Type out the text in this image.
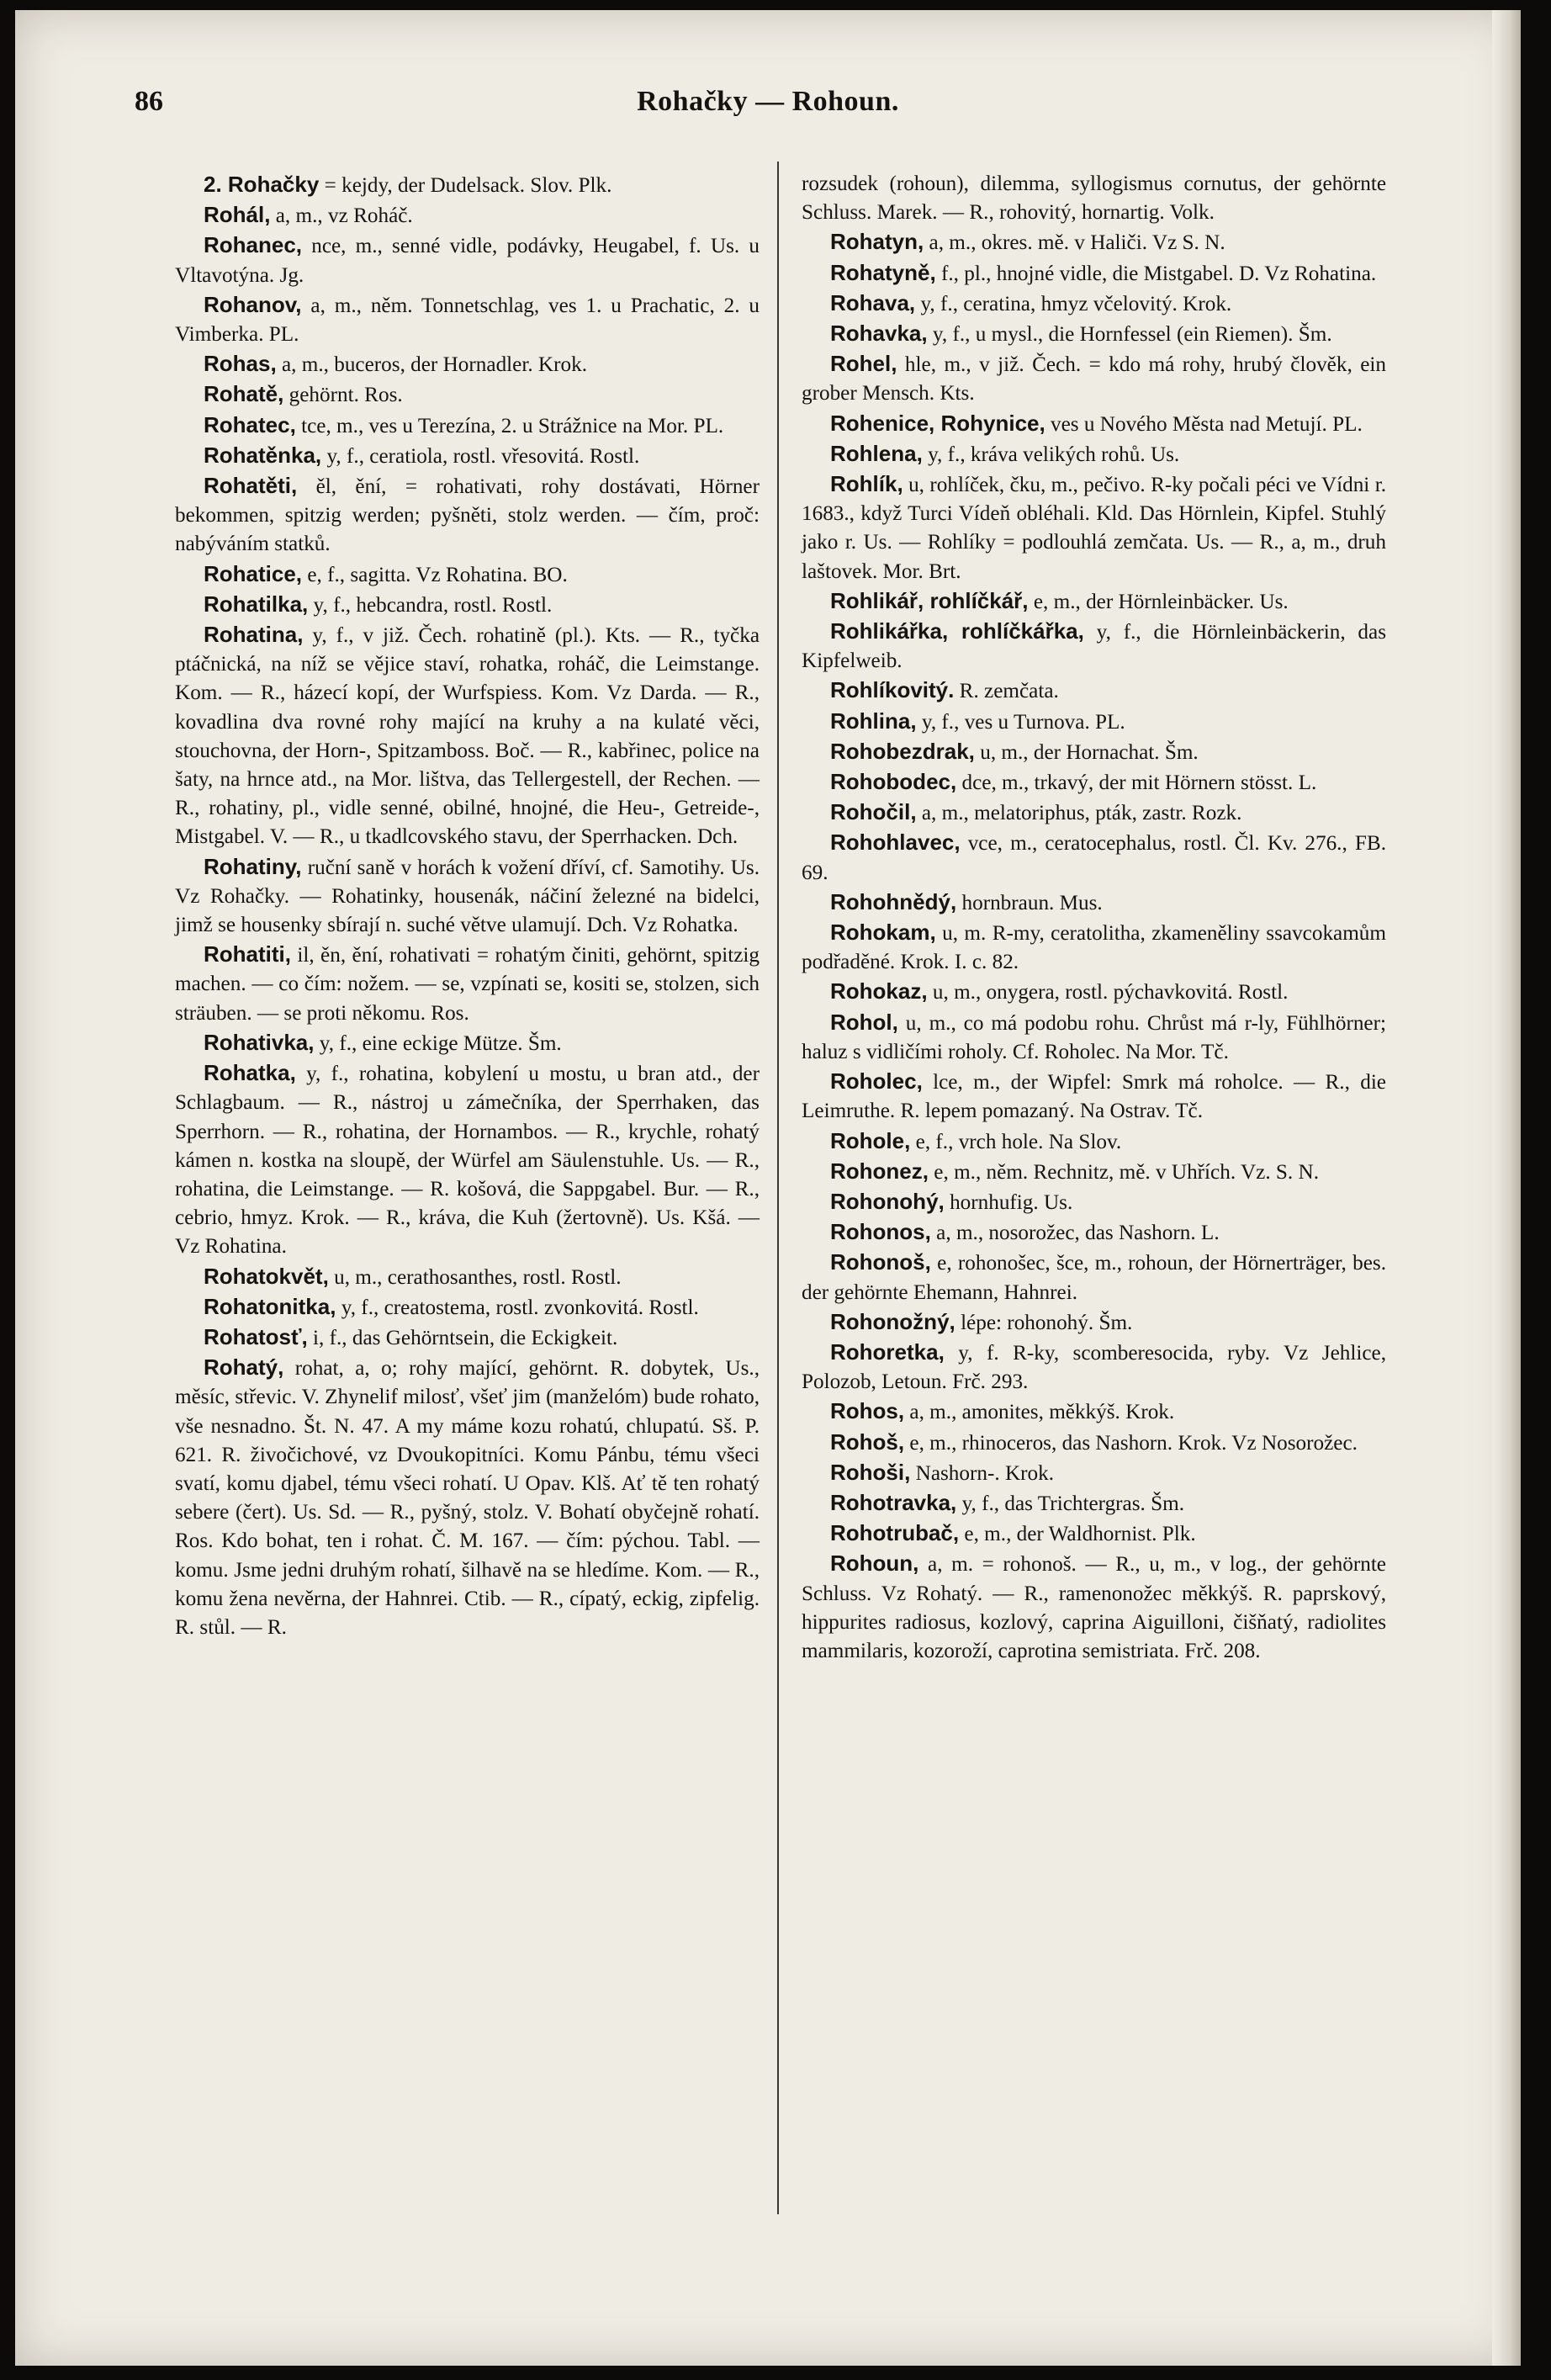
86	Rohačky — Rohoun.

2. Rohačky = kejdy, der Dudelsack. Slov. Plk.

Rohál, a, m., vz Roháč.

Rohanec, nce, m., senné vidle, podávky, Heugabel, f. Us. u Vltavotýna. Jg.

Rohanov, a, m., něm. Tonnetschlag, ves 1. u Prachatic, 2. u Vimberka. PL.

Rohas, a, m., buceros, der Hornadler. Krok.

Rohatě, gehörnt. Ros.

Rohatec, tce, m., ves u Terezína, 2. u Strážnice na Mor. PL.

Rohatěnka, y, f., ceratiola, rostl. vřesovitá. Rostl.

Rohatěti, ěl, ění, = rohativati, rohy dostávati, Hörner bekommen, spitzig werden; pyšněti, stolz werden. — čím, proč: nabýváním statků.

Rohatice, e, f., sagitta. Vz Rohatina. BO.

Rohatilka, y, f., hebcandra, rostl. Rostl.

Rohatina, y, f., v již. Čech. rohatině (pl.). Kts. — R., tyčka ptáčnická, na níž se vějice staví, rohatka, roháč, die Leimstange. Kom. — R., házecí kopí, der Wurfspiess. Kom. Vz Darda. — R., kovadlina dva rovné rohy mající na kruhy a na kulaté věci, stouchovna, der Horn-, Spitzamboss. Boč. — R., kabřinec, police na šaty, na hrnce atd., na Mor. lištva, das Tellergestell, der Rechen. — R., rohatiny, pl., vidle senné, obilné, hnojné, die Heu-, Getreide-, Mistgabel. V. — R., u tkadlcovského stavu, der Sperrhacken. Dch.

Rohatiny, ruční saně v horách k vožení dříví, cf. Samotihy. Us. Vz Rohačky. — Rohatinky, housenák, náčiní železné na bidelci, jimž se housenky sbírají n. suché větve ulamují. Dch. Vz Rohatka.

Rohatiti, il, ěn, ění, rohativati = rohatým činiti, gehörnt, spitzig machen. — co čím: nožem. — se, vzpínati se, kositi se, stolzen, sich sträuben. — se proti někomu. Ros.

Rohativka, y, f., eine eckige Mütze. Šm.

Rohatka, y, f., rohatina, kobylení u mostu, u bran atd., der Schlagbaum. — R., nástroj u zámečníka, der Sperrhaken, das Sperrhorn. — R., rohatina, der Hornambos. — R., krychle, rohatý kámen n. kostka na sloupě, der Würfel am Säulenstuhle. Us. — R., rohatina, die Leimstange. — R. košová, die Sappgabel. Bur. — R., cebrio, hmyz. Krok. — R., kráva, die Kuh (žertovně). Us. Kšá. — Vz Rohatina.

Rohatokvět, u, m., cerathosanthes, rostl. Rostl.

Rohatonitka, y, f., creatostema, rostl. zvonkovitá. Rostl.

Rohatosť, i, f., das Gehörntsein, die Eckigkeit.

Rohatý, rohat, a, o; rohy mající, gehörnt. R. dobytek, Us., měsíc, střevic. V. Zhynelif milosť, všeť jim (manželóm) bude rohato, vše nesnadno. Št. N. 47. A my máme kozu rohatú, chlupatú. Sš. P. 621. R. živočichové, vz Dvoukopitníci. Komu Pánbu, tému všeci svatí, komu djabel, tému všeci rohatí. U Opav. Klš. Ať tě ten rohatý sebere (čert). Us. Sd. — R., pyšný, stolz. V. Bohatí obyčejně rohatí. Ros. Kdo bohat, ten i rohat. Č. M. 167. — čím: pýchou. Tabl. — komu. Jsme jedni druhým rohatí, šilhavě na se hledíme. Kom. — R., komu žena nevěrna, der Hahnrei. Ctib. — R., cípatý, eckig, zipfelig. R. stůl. — R.

rozsudek (rohoun), dilemma, syllogismus cornutus, der gehörnte Schluss. Marek. — R., rohovitý, hornartig. Volk.

Rohatyn, a, m., okres. mě. v Haliči. Vz S. N.

Rohatyně, f., pl., hnojné vidle, die Mistgabel. D. Vz Rohatina.

Rohava, y, f., ceratina, hmyz včelovitý. Krok.

Rohavka, y, f., u mysl., die Hornfessel (ein Riemen). Šm.

Rohel, hle, m., v již. Čech. = kdo má rohy, hrubý člověk, ein grober Mensch. Kts.

Rohenice, Rohynice, ves u Nového Města nad Metují. PL.

Rohlena, y, f., kráva velikých rohů. Us.

Rohlík, u, rohlíček, čku, m., pečivo. R-ky počali péci ve Vídni r. 1683., když Turci Vídeň obléhali. Kld. Das Hörnlein, Kipfel. Stuhlý jako r. Us. — Rohlíky = podlouhlá zemčata. Us. — R., a, m., druh laštovek. Mor. Brt.

Rohlikář, rohlíčkář, e, m., der Hörnleinbäcker. Us.

Rohlikářka, rohlíčkářka, y, f., die Hörnleinbäckerin, das Kipfelweib.

Rohlíkovitý. R. zemčata.

Rohlina, y, f., ves u Turnova. PL.

Rohobezdrak, u, m., der Hornachat. Šm.

Rohobodec, dce, m., trkavý, der mit Hörnern stösst. L.

Rohočil, a, m., melatoriphus, pták, zastr. Rozk.

Rohohlavec, vce, m., ceratocephalus, rostl. Čl. Kv. 276., FB. 69.

Rohohnědý, hornbraun. Mus.

Rohokam, u, m. R-my, ceratolitha, zkameněliny ssavcokamům podřaděné. Krok. I. c. 82.

Rohokaz, u, m., onygera, rostl. pýchavkovitá. Rostl.

Rohol, u, m., co má podobu rohu. Chrůst má r-ly, Fühlhörner; haluz s vidličími roholy. Cf. Roholec. Na Mor. Tč.

Roholec, lce, m., der Wipfel: Smrk má roholce. — R., die Leimruthe. R. lepem pomazaný. Na Ostrav. Tč.

Rohole, e, f., vrch hole. Na Slov.

Rohonez, e, m., něm. Rechnitz, mě. v Uhřích. Vz. S. N.

Rohonohý, hornhufig. Us.

Rohonos, a, m., nosorožec, das Nashorn. L.

Rohonoš, e, rohonošec, šce, m., rohoun, der Hörnerträger, bes. der gehörnte Ehemann, Hahnrei.

Rohonožný, lépe: rohonohý. Šm.

Rohoretka, y, f. R-ky, scomberesocida, ryby. Vz Jehlice, Polozob, Letoun. Frč. 293.

Rohos, a, m., amonites, měkkýš. Krok.

Rohoš, e, m., rhinoceros, das Nashorn. Krok. Vz Nosorožec.

Rohoši, Nashorn-. Krok.

Rohotravka, y, f., das Trichtergras. Šm.

Rohotrubač, e, m., der Waldhornist. Plk.

Rohoun, a, m. = rohonoš. — R., u, m., v log., der gehörnte Schluss. Vz Rohatý. — R., ramenonožec měkkýš. R. paprskový, hippurites radiosus, kozlový, caprina Aiguilloni, čišňatý, radiolites mammilaris, kozoroží, caprotina semistriata. Frč. 208.
